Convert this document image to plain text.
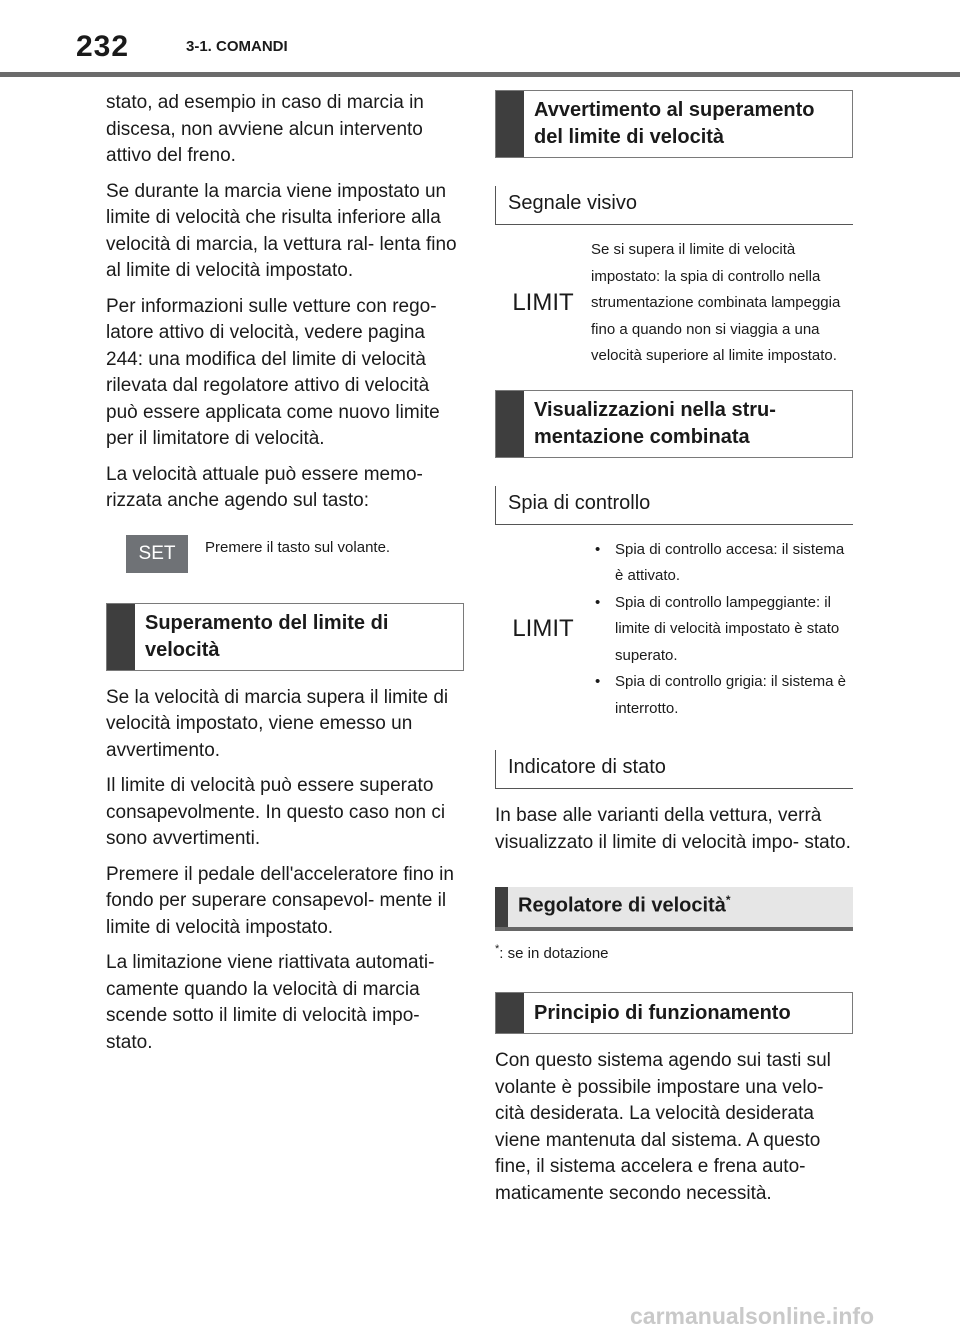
232	3-1. COMANDI

stato, ad esempio in caso di marcia in discesa, non avviene alcun intervento attivo del freno.

Se durante la marcia viene impostato un limite di velocità che risulta inferiore alla velocità di marcia, la vettura ral- lenta fino al limite di velocità impostato.

Per informazioni sulle vetture con rego- latore attivo di velocità, vedere pagina 244: una modifica del limite di velocità rilevata dal regolatore attivo di velocità può essere applicata come nuovo limite per il limitatore di velocità.

La velocità attuale può essere memo- rizzata anche agendo sul tasto:

SET	Premere il tasto sul volante.
Superamento del limite di velocità

Se la velocità di marcia supera il limite di velocità impostato, viene emesso un avvertimento.

Il limite di velocità può essere superato consapevolmente. In questo caso non ci sono avvertimenti.

Premere il pedale dell'acceleratore fino in fondo per superare consapevol- mente il limite di velocità impostato.

La limitazione viene riattivata automati- camente quando la velocità di marcia scende sotto il limite di velocità impo- stato.

Avvertimento al superamento del limite di velocità
Segnale visivo
LIMIT
Se si supera il limite di velocità impostato: la spia di controllo nella strumentazione combinata lampeggia fino a quando non si viaggia a una velocità superiore al limite impostato.
Visualizzazioni nella stru- mentazione combinata
Spia di controllo
LIMIT
• Spia di controllo accesa: il sistema è attivato.
• Spia di controllo lampeggiante: il limite di velocità impostato è stato superato.
• Spia di controllo grigia: il sistema è interrotto.
Indicatore di stato

In base alle varianti della vettura, verrà visualizzato il limite di velocità impo- stato.

Regolatore di velocità*
*: se in dotazione
Principio di funzionamento

Con questo sistema agendo sui tasti sul volante è possibile impostare una velo- cità desiderata. La velocità desiderata viene mantenuta dal sistema. A questo fine, il sistema accelera e frena auto- maticamente secondo necessità.

carmanualsonline.info
